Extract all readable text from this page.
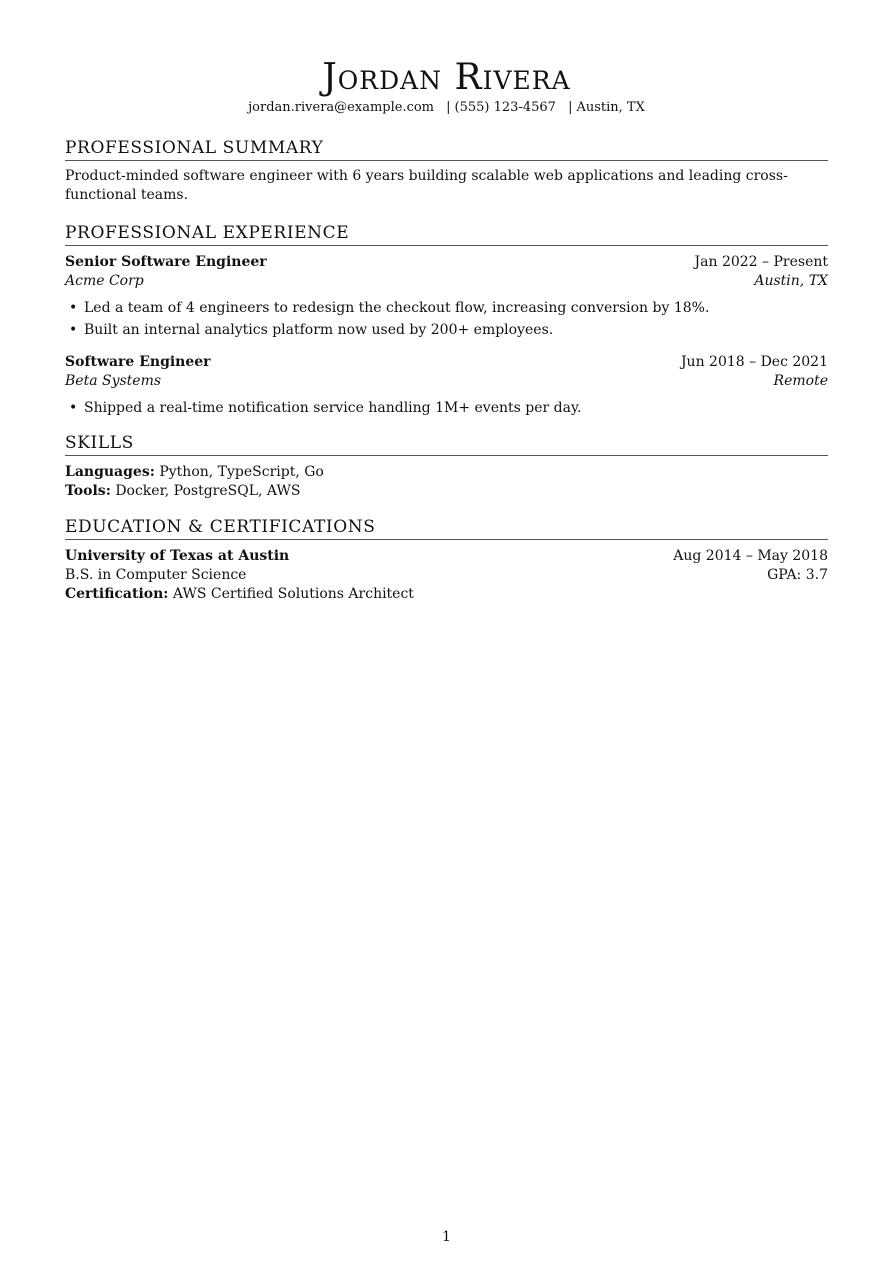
Jordan Rivera
jordan.rivera@example.com | (555) 123-4567 | Austin, TX
PROFESSIONAL SUMMARY
Product-minded software engineer with 6 years building scalable web applications and leading cross-functional teams.
PROFESSIONAL EXPERIENCE
Senior Software Engineer	Jan 2022 – Present
Acme Corp	Austin, TX
• Led a team of 4 engineers to redesign the checkout flow, increasing conversion by 18%.
• Built an internal analytics platform now used by 200+ employees.
Software Engineer	Jun 2018 – Dec 2021
Beta Systems	Remote
• Shipped a real-time notification service handling 1M+ events per day.
SKILLS
Languages: Python, TypeScript, Go
Tools: Docker, PostgreSQL, AWS
EDUCATION & CERTIFICATIONS
University of Texas at Austin	Aug 2014 – May 2018
B.S. in Computer Science	GPA: 3.7
Certification: AWS Certified Solutions Architect
1
